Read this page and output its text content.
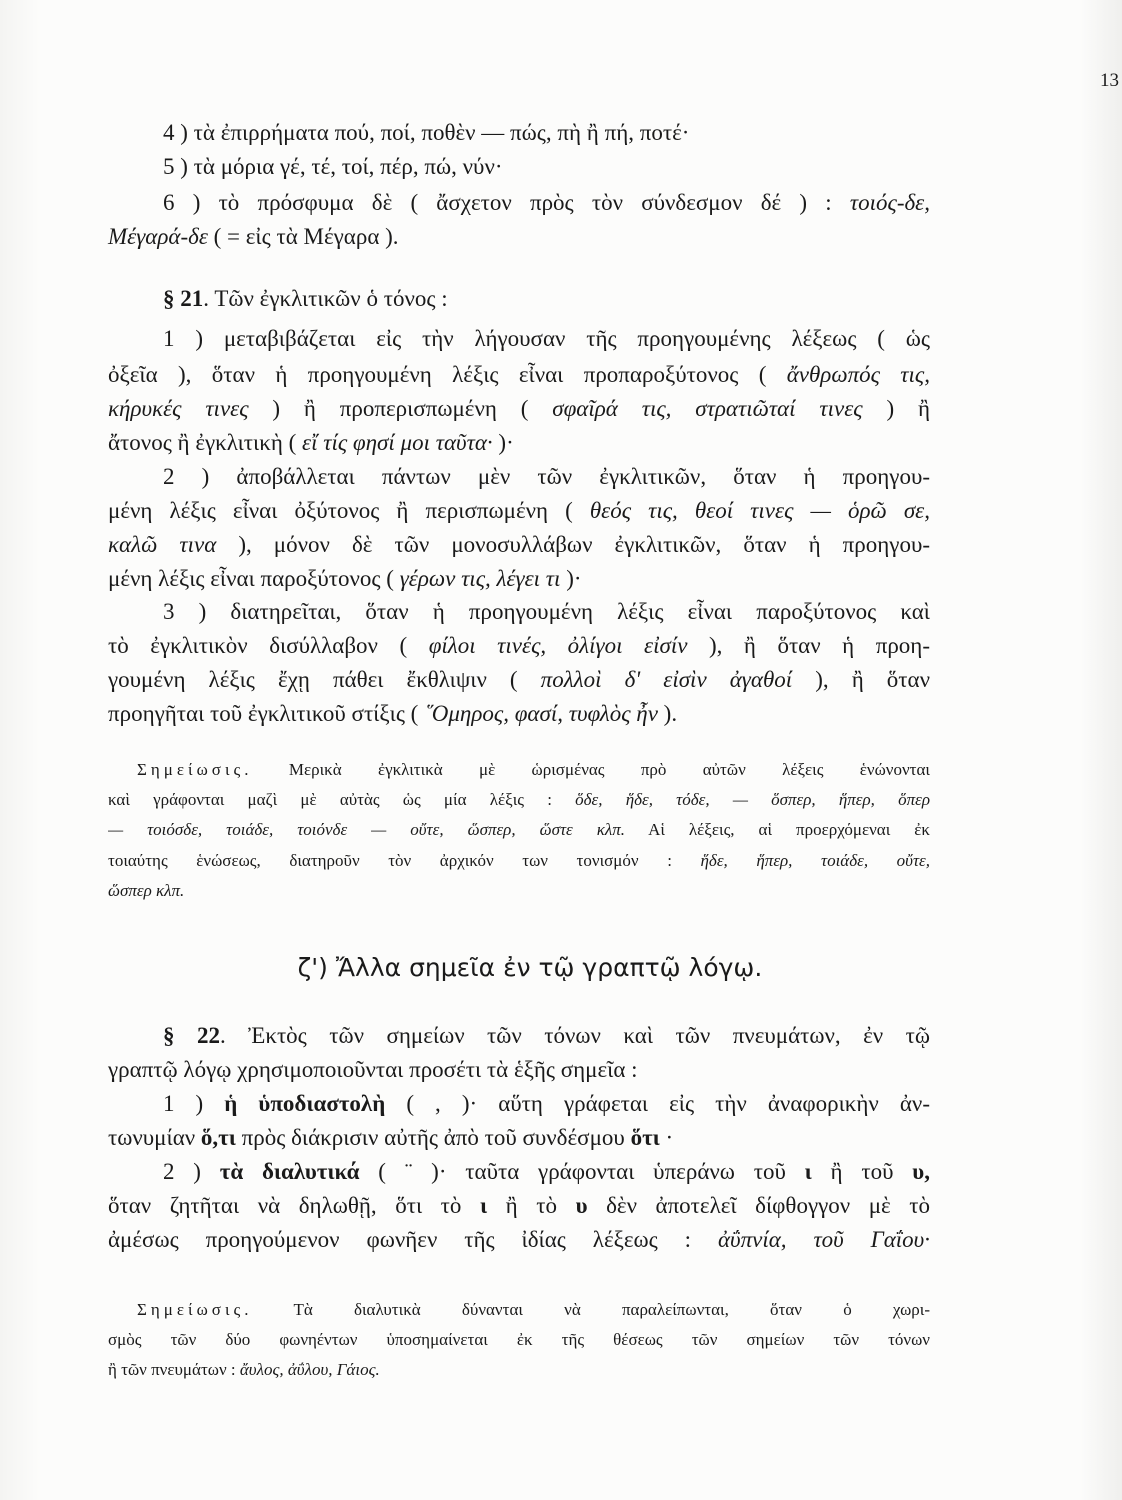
13
4 ) τὰ ἐπιρρήματα πού, ποί, ποθὲν — πώς, πὴ ἢ πή, ποτέ·
5 ) τὰ μόρια γέ, τέ, τοί, πέρ, πώ, νύν·
6 ) τὸ πρόσφυμα δὲ ( ἄσχετον πρὸς τὸν σύνδεσμον δέ ) : τοιός-δε,
Μέγαρά-δε ( = εἰς τὰ Μέγαρα ).
§ 21. Τῶν ἐγκλιτικῶν ὁ τόνος :
1 ) μεταβιβάζεται εἰς τὴν λήγουσαν τῆς προηγουμένης λέξεως ( ὡς
ὀξεῖα ), ὅταν ἡ προηγουμένη λέξις εἶναι προπαροξύτονος ( ἄνθρωπός τις,
κήρυκές τινες ) ἢ προπερισπωμένη ( σφαῖρά τις, στρατιῶταί τινες ) ἢ
ἄτονος ἢ ἐγκλιτικὴ ( εἴ τίς φησί μοι ταῦτα· )·
2 ) ἀποβάλλεται πάντων μὲν τῶν ἐγκλιτικῶν, ὅταν ἡ προηγου-
μένη λέξις εἶναι ὀξύτονος ἢ περισπωμένη ( θεός τις, θεοί τινες — ὁρῶ σε,
καλῶ τινα ), μόνον δὲ τῶν μονοσυλλάβων ἐγκλιτικῶν, ὅταν ἡ προηγου-
μένη λέξις εἶναι παροξύτονος ( γέρων τις, λέγει τι )·
3 ) διατηρεῖται, ὅταν ἡ προηγουμένη λέξις εἶναι παροξύτονος καὶ
τὸ ἐγκλιτικὸν δισύλλαβον ( φίλοι τινές, ὀλίγοι εἰσίν ), ἢ ὅταν ἡ προη-
γουμένη λέξις ἔχῃ πάθει ἔκθλιψιν ( πολλοὶ δ' εἰσὶν ἀγαθοί ), ἢ ὅταν
προηγῆται τοῦ ἐγκλιτικοῦ στίξις ( ῞Ομηρος, φασί, τυφλὸς ἦν ).
Σημείωσις. Μερικὰ ἐγκλιτικὰ μὲ ὡρισμένας πρὸ αὐτῶν λέξεις ἑνώνονται
καὶ γράφονται μαζὶ μὲ αὐτὰς ὡς μία λέξις : ὅδε, ἥδε, τόδε, — ὅσπερ, ἥπερ, ὅπερ
— τοιόσδε, τοιάδε, τοιόνδε — οὔτε, ὥσπερ, ὥστε κλπ. Αἱ λέξεις, αἱ προερχόμεναι ἐκ
τοιαύτης ἑνώσεως, διατηροῦν τὸν ἀρχικόν των τονισμόν : ἥδε, ἥπερ, τοιάδε, οὔτε,
ὥσπερ κλπ.
ζ') Ἄλλα σημεῖα ἐν τῷ γραπτῷ λόγῳ.
§ 22. Ἐκτὸς τῶν σημείων τῶν τόνων καὶ τῶν πνευμάτων, ἐν τῷ
γραπτῷ λόγῳ χρησιμοποιοῦνται προσέτι τὰ ἑξῆς σημεῖα :
1 ) ἡ ὑποδιαστολὴ ( , )· αὕτη γράφεται εἰς τὴν ἀναφορικὴν ἀν-
τωνυμίαν ὅ,τι πρὸς διάκρισιν αὐτῆς ἀπὸ τοῦ συνδέσμου ὅτι ·
2 ) τὰ διαλυτικά ( ¨ )· ταῦτα γράφονται ὑπεράνω τοῦ ι ἢ τοῦ υ,
ὅταν ζητῆται νὰ δηλωθῇ, ὅτι τὸ ι ἢ τὸ υ δὲν ἀποτελεῖ δίφθογγον μὲ τὸ
ἀμέσως προηγούμενον φωνῆεν τῆς ἰδίας λέξεως : ἀΰπνία, τοῦ Γαΐου·
Σημείωσις. Τὰ διαλυτικὰ δύνανται νὰ παραλείπωνται, ὅταν ὁ χωρι-
σμὸς τῶν δύο φωνηέντων ὑποσημαίνεται ἐκ τῆς θέσεως τῶν σημείων τῶν τόνων
ἢ τῶν πνευμάτων : ἄυλος, ἀΰλου, Γάιος.
